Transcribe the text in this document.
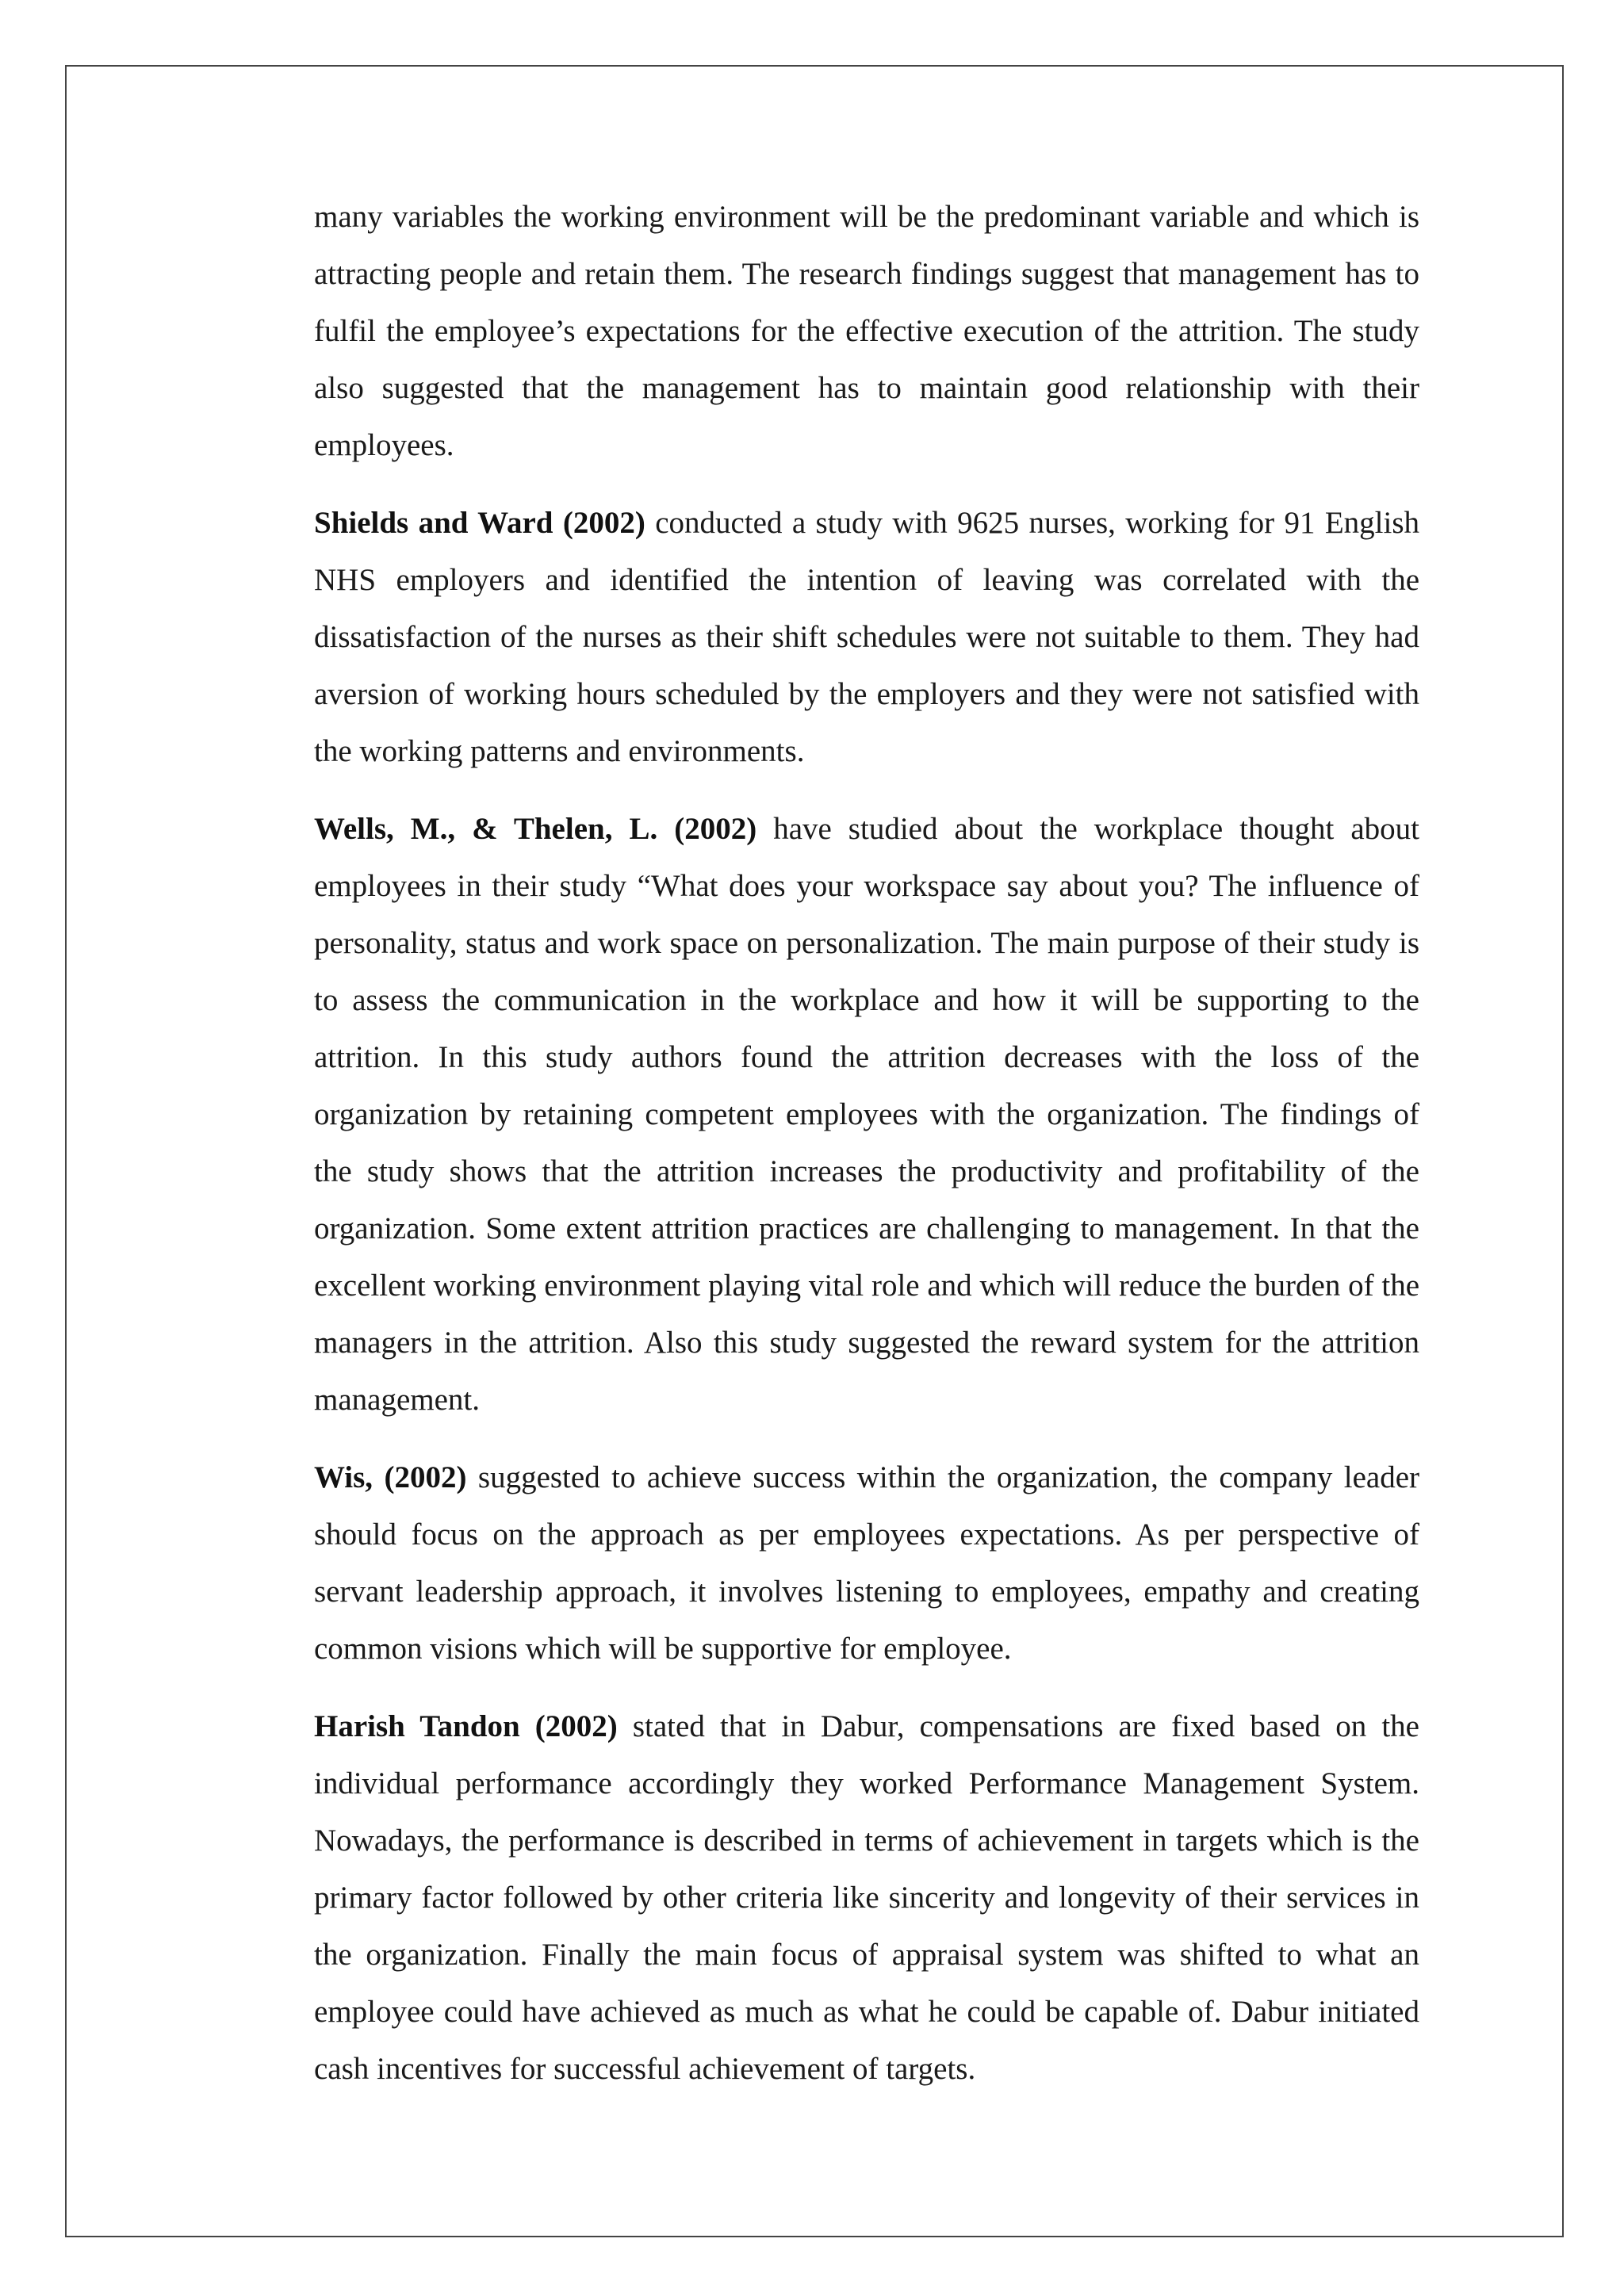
many variables the working environment will be the predominant variable and which is attracting people and retain them. The research findings suggest that management has to fulfil the employee’s expectations for the effective execution of the attrition. The study also suggested that the management has to maintain good relationship with their employees.

Shields and Ward (2002) conducted a study with 9625 nurses, working for 91 English NHS employers and identified the intention of leaving was correlated with the dissatisfaction of the nurses as their shift schedules were not suitable to them. They had aversion of working hours scheduled by the employers and they were not satisfied with the working patterns and environments.

Wells, M., & Thelen, L. (2002) have studied about the workplace thought about employees in their study “What does your workspace say about you? The influence of personality, status and work space on personalization. The main purpose of their study is to assess the communication in the workplace and how it will be supporting to the attrition. In this study authors found the attrition decreases with the loss of the organization by retaining competent employees with the organization. The findings of the study shows that the attrition increases the productivity and profitability of the organization. Some extent attrition practices are challenging to management. In that the excellent working environment playing vital role and which will reduce the burden of the managers in the attrition. Also this study suggested the reward system for the attrition management.

Wis, (2002) suggested to achieve success within the organization, the company leader should focus on the approach as per employees expectations. As per perspective of servant leadership approach, it involves listening to employees, empathy and creating common visions which will be supportive for employee.

Harish Tandon (2002) stated that in Dabur, compensations are fixed based on the individual performance accordingly they worked Performance Management System. Nowadays, the performance is described in terms of achievement in targets which is the primary factor followed by other criteria like sincerity and longevity of their services in the organization. Finally the main focus of appraisal system was shifted to what an employee could have achieved as much as what he could be capable of. Dabur initiated cash incentives for successful achievement of targets.
